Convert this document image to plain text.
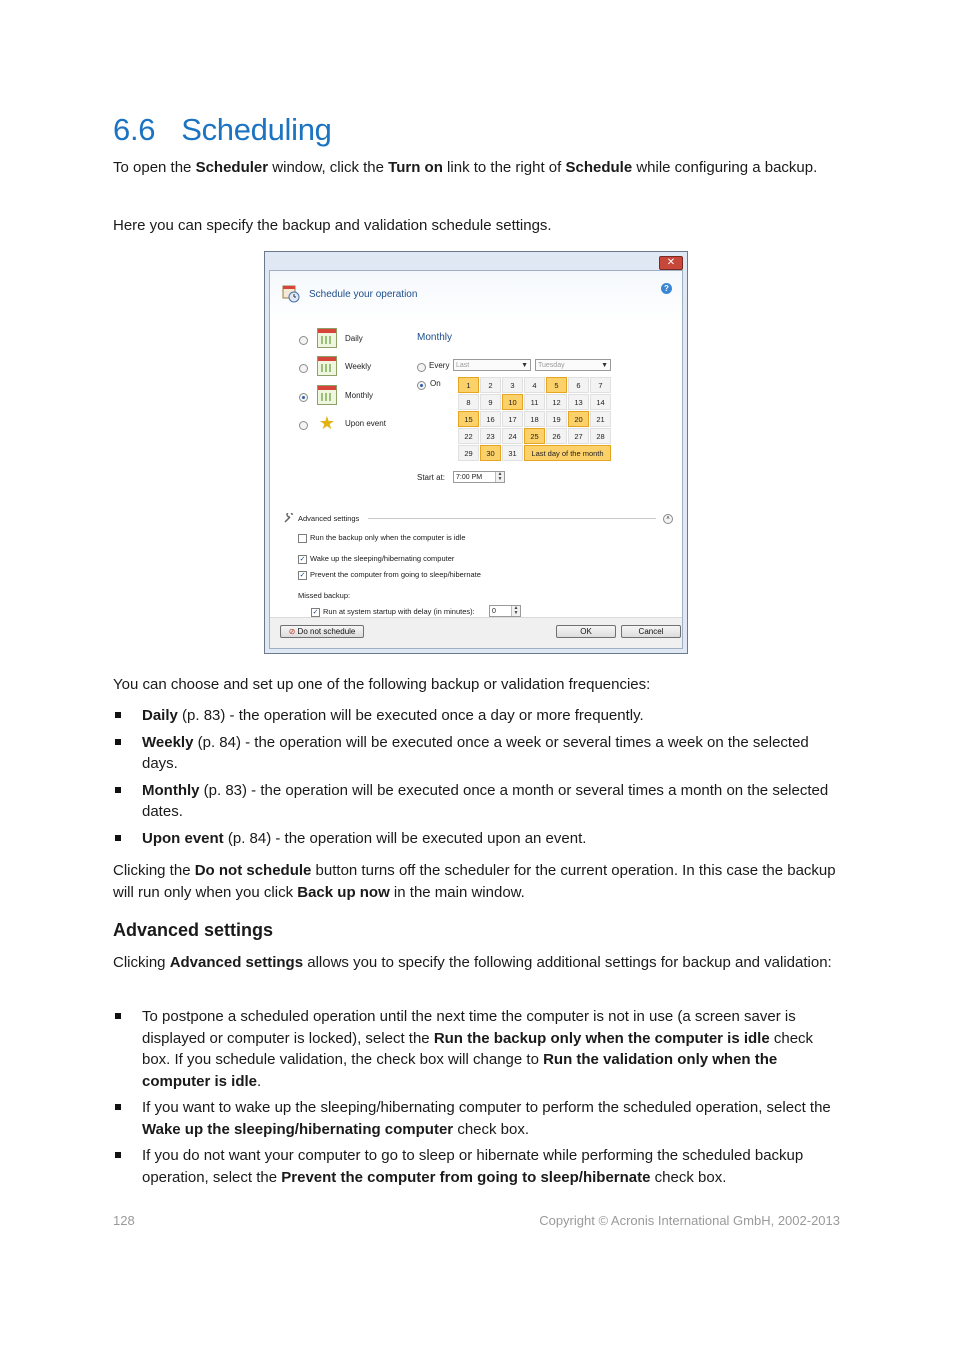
6.6 Scheduling

To open the Scheduler window, click the Turn on link to the right of Schedule while configuring a backup.

Here you can specify the backup and validation schedule settings.

✕
Schedule your operation
?
Daily
Weekly
Monthly
★ Upon event
Monthly
Every Last	▼	Tuesday	▼
On	1	2	3	4	5	6	7
8	9	10	11	12	13	14
15	16	17	18	19	20	21
22	23	24	25	26	27	28
29	30	31	Last day of the month
Start at:	7:00 PM	▲
▼
Advanced settings	˄
Run the backup only when the computer is idle
✓ Wake up the sleeping/hibernating computer
✓ Prevent the computer from going to sleep/hibernate
Missed backup:
✓ Run at system startup with delay (in minutes):	0	▲
▼
⊘ Do not schedule	OK	Cancel

You can choose and set up one of the following backup or validation frequencies:

Daily (p. 83) - the operation will be executed once a day or more frequently.
Weekly (p. 84) - the operation will be executed once a week or several times a week on the selected days.
Monthly (p. 83) - the operation will be executed once a month or several times a month on the selected dates.
Upon event (p. 84) - the operation will be executed upon an event.

Clicking the Do not schedule button turns off the scheduler for the current operation. In this case the backup will run only when you click Back up now in the main window.

Advanced settings

Clicking Advanced settings allows you to specify the following additional settings for backup and validation:

To postpone a scheduled operation until the next time the computer is not in use (a screen saver is displayed or computer is locked), select the Run the backup only when the computer is idle check box. If you schedule validation, the check box will change to Run the validation only when the computer is idle.
If you want to wake up the sleeping/hibernating computer to perform the scheduled operation, select the Wake up the sleeping/hibernating computer check box.
If you do not want your computer to go to sleep or hibernate while performing the scheduled backup operation, select the Prevent the computer from going to sleep/hibernate check box.
128	Copyright © Acronis International GmbH, 2002-2013
